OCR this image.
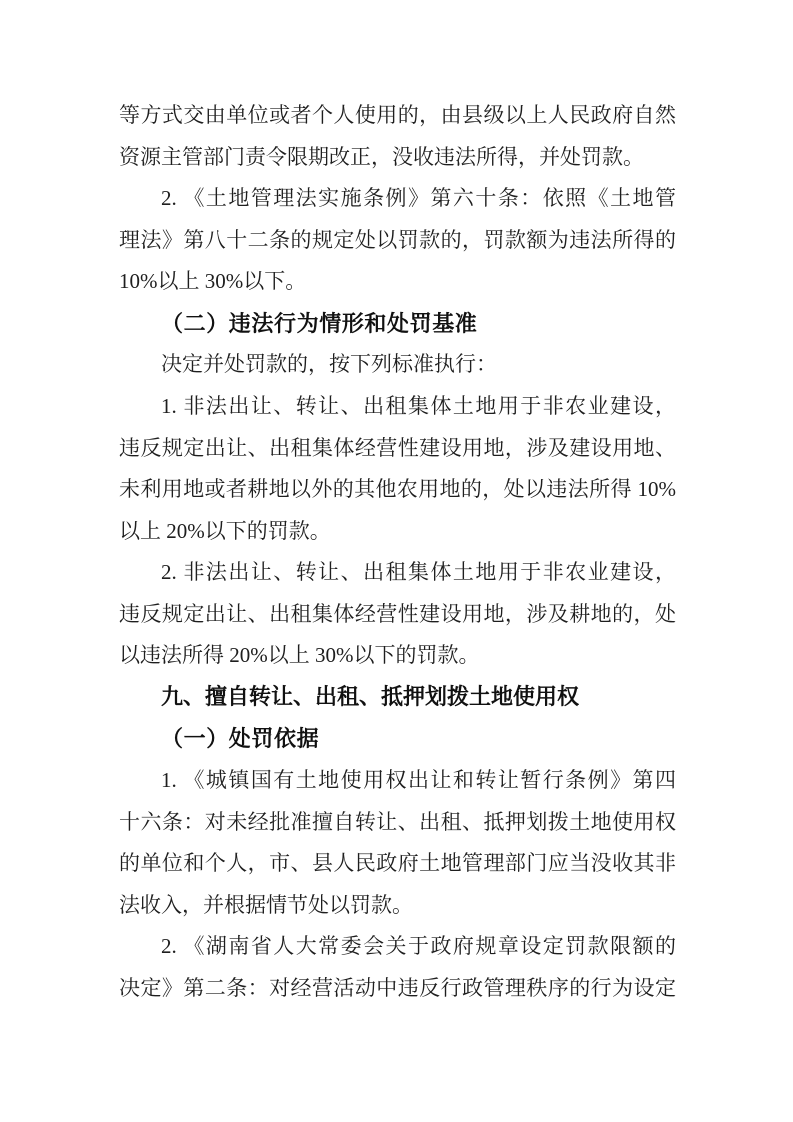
等方式交由单位或者个人使用的，由县级以上人民政府自然
资源主管部门责令限期改正，没收违法所得，并处罚款。
2. 《土地管理法实施条例》第六十条：依照《土地管
理法》第八十二条的规定处以罚款的，罚款额为违法所得的
10%以上 30%以下。
（二）违法行为情形和处罚基准
决定并处罚款的，按下列标准执行：
1. 非法出让、转让、出租集体土地用于非农业建设，
违反规定出让、出租集体经营性建设用地，涉及建设用地、
未利用地或者耕地以外的其他农用地的，处以违法所得 10%
以上 20%以下的罚款。
2. 非法出让、转让、出租集体土地用于非农业建设，
违反规定出让、出租集体经营性建设用地，涉及耕地的，处
以违法所得 20%以上 30%以下的罚款。
九、擅自转让、出租、抵押划拨土地使用权
（一）处罚依据
1. 《城镇国有土地使用权出让和转让暂行条例》第四
十六条：对未经批准擅自转让、出租、抵押划拨土地使用权
的单位和个人，市、县人民政府土地管理部门应当没收其非
法收入，并根据情节处以罚款。
2. 《湖南省人大常委会关于政府规章设定罚款限额的
决定》第二条：对经营活动中违反行政管理秩序的行为设定
